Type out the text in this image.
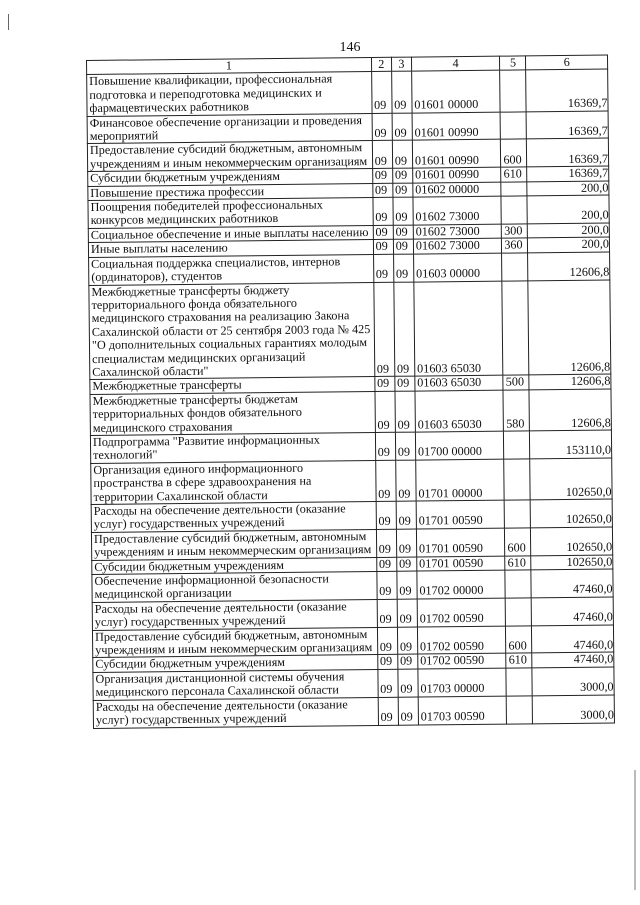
146
1	2	3	4	5	6
Повышение квалификации, профессиональная подготовка и переподготовка медицинских и фармацевтических работников	09	09	01601 00000		16369,7
Финансовое обеспечение организации и проведения мероприятий	09	09	01601 00990		16369,7
Предоставление субсидий бюджетным, автономным учреждениям и иным некоммерческим организациям	09	09	01601 00990	600	16369,7
Субсидии бюджетным учреждениям	09	09	01601 00990	610	16369,7
Повышение престижа профессии	09	09	01602 00000		200,0
Поощрения победителей профессиональных конкурсов медицинских работников	09	09	01602 73000		200,0
Социальное обеспечение и иные выплаты населению	09	09	01602 73000	300	200,0
Иные выплаты населению	09	09	01602 73000	360	200,0
Социальная поддержка специалистов, интернов (ординаторов), студентов	09	09	01603 00000		12606,8
Межбюджетные трансферты бюджету территориального фонда обязательного медицинского страхования на реализацию Закона Сахалинской области от 25 сентября 2003 года № 425 "О дополнительных социальных гарантиях молодым специалистам медицинских организаций Сахалинской области"	09	09	01603 65030		12606,8
Межбюджетные трансферты	09	09	01603 65030	500	12606,8
Межбюджетные трансферты бюджетам территориальных фондов обязательного медицинского страхования	09	09	01603 65030	580	12606,8
Подпрограмма "Развитие информационных технологий"	09	09	01700 00000		153110,0
Организация единого информационного пространства в сфере здравоохранения на территории Сахалинской области	09	09	01701 00000		102650,0
Расходы на обеспечение деятельности (оказание услуг) государственных учреждений	09	09	01701 00590		102650,0
Предоставление субсидий бюджетным, автономным учреждениям и иным некоммерческим организациям	09	09	01701 00590	600	102650,0
Субсидии бюджетным учреждениям	09	09	01701 00590	610	102650,0
Обеспечение информационной безопасности медицинской организации	09	09	01702 00000		47460,0
Расходы на обеспечение деятельности (оказание услуг) государственных учреждений	09	09	01702 00590		47460,0
Предоставление субсидий бюджетным, автономным учреждениям и иным некоммерческим организациям	09	09	01702 00590	600	47460,0
Субсидии бюджетным учреждениям	09	09	01702 00590	610	47460,0
Организация дистанционной системы обучения медицинского персонала Сахалинской области	09	09	01703 00000		3000,0
Расходы на обеспечение деятельности (оказание услуг) государственных учреждений	09	09	01703 00590		3000,0
